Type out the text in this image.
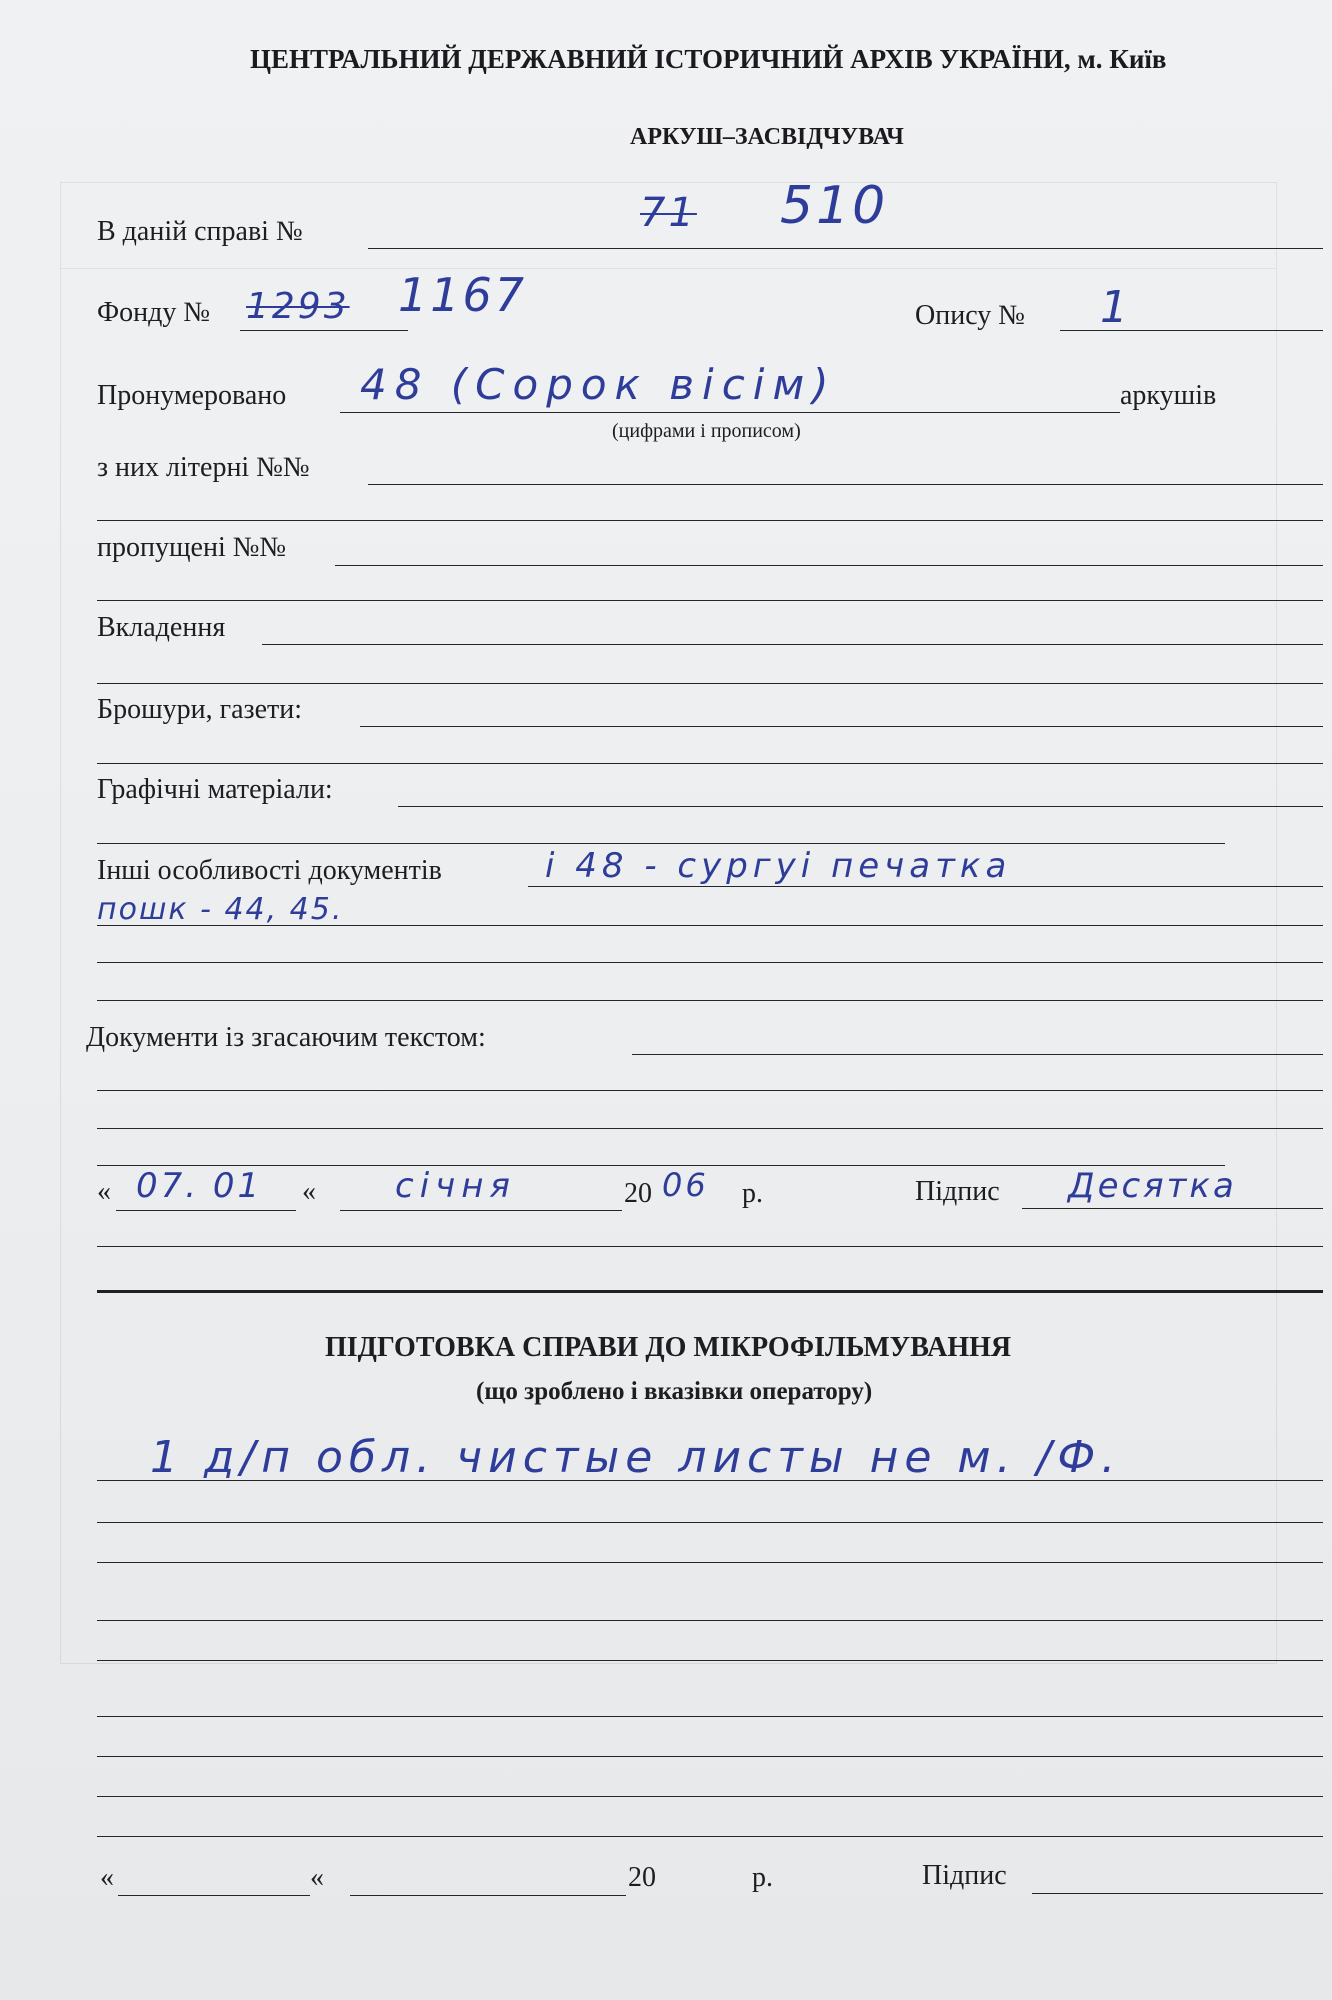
ЦЕНТРАЛЬНИЙ ДЕРЖАВНИЙ ІСТОРИЧНИЙ АРХІВ УКРАЇНИ, м. Київ
АРКУШ–ЗАСВІДЧУВАЧ
В даній справі №	71 510
Фонду № 1293 1167	Опису № 1
Пронумеровано 48 (Сорок вісім)	аркушів
(цифрами і прописом)
з них літерні №№
пропущені №№
Вкладення
Брошури, газети:
Графічні матеріали:
Інші особливості документів	і 48 - сургуі печатка
пошк - 44, 45.
Документи із згасаючим текстом:
« 07. 01 « січня	20 06 р.	Підпис Десятка
ПІДГОТОВКА СПРАВИ ДО МІКРОФІЛЬМУВАННЯ
(що зроблено і вказівки оператору)
1 д/п обл. чистые листы не м. /Ф.
«	«	20	р.	Підпис
